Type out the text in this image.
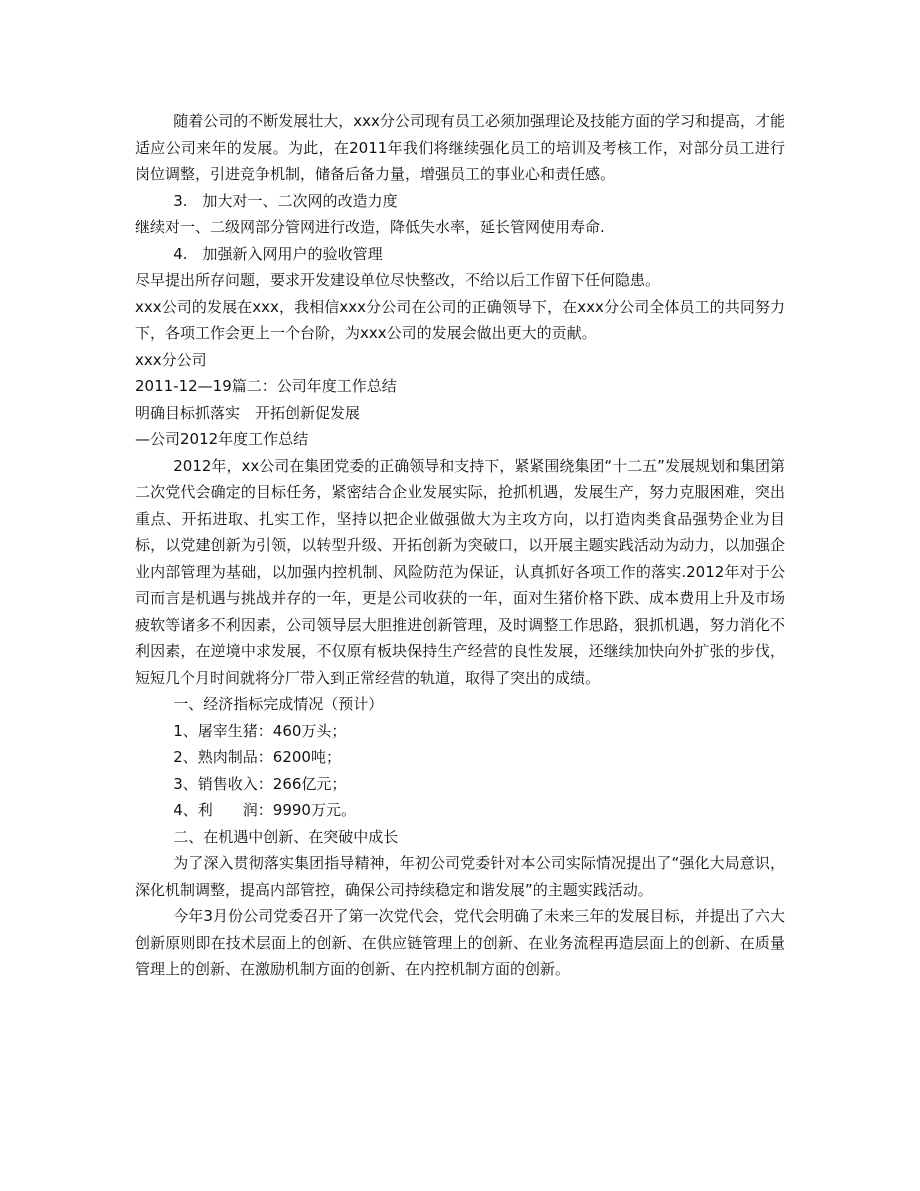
随着公司的不断发展壮大，xxx分公司现有员工必须加强理论及技能方面的学习和提高，才能适应公司来年的发展。为此，在2011年我们将继续强化员工的培训及考核工作，对部分员工进行岗位调整，引进竞争机制，储备后备力量，增强员工的事业心和责任感。

3.　加大对一、二次网的改造力度

继续对一、二级网部分管网进行改造，降低失水率，延长管网使用寿命.

4.　加强新入网用户的验收管理

尽早提出所存问题，要求开发建设单位尽快整改，不给以后工作留下任何隐患。

xxx公司的发展在xxx，我相信xxx分公司在公司的正确领导下，在xxx分公司全体员工的共同努力下，各项工作会更上一个台阶，为xxx公司的发展会做出更大的贡献。

xxx分公司

2011-12—19篇二：公司年度工作总结

明确目标抓落实　开拓创新促发展

—公司2012年度工作总结

2012年，xx公司在集团党委的正确领导和支持下，紧紧围绕集团“十二五”发展规划和集团第二次党代会确定的目标任务，紧密结合企业发展实际，抢抓机遇，发展生产，努力克服困难，突出重点、开拓进取、扎实工作，坚持以把企业做强做大为主攻方向，以打造肉类食品强势企业为目标，以党建创新为引领，以转型升级、开拓创新为突破口，以开展主题实践活动为动力，以加强企业内部管理为基础，以加强内控机制、风险防范为保证，认真抓好各项工作的落实.2012年对于公司而言是机遇与挑战并存的一年，更是公司收获的一年，面对生猪价格下跌、成本费用上升及市场疲软等诸多不利因素，公司领导层大胆推进创新管理，及时调整工作思路，狠抓机遇，努力消化不利因素，在逆境中求发展，不仅原有板块保持生产经营的良性发展，还继续加快向外扩张的步伐，短短几个月时间就将分厂带入到正常经营的轨道，取得了突出的成绩。

一、经济指标完成情况（预计）

1、屠宰生猪：460万头；

2、熟肉制品：6200吨；

3、销售收入：266亿元；

4、利　　润：9990万元。

二、在机遇中创新、在突破中成长

为了深入贯彻落实集团指导精神，年初公司党委针对本公司实际情况提出了“强化大局意识，深化机制调整，提高内部管控，确保公司持续稳定和谐发展”的主题实践活动。

今年3月份公司党委召开了第一次党代会，党代会明确了未来三年的发展目标，并提出了六大创新原则即在技术层面上的创新、在供应链管理上的创新、在业务流程再造层面上的创新、在质量管理上的创新、在激励机制方面的创新、在内控机制方面的创新。
